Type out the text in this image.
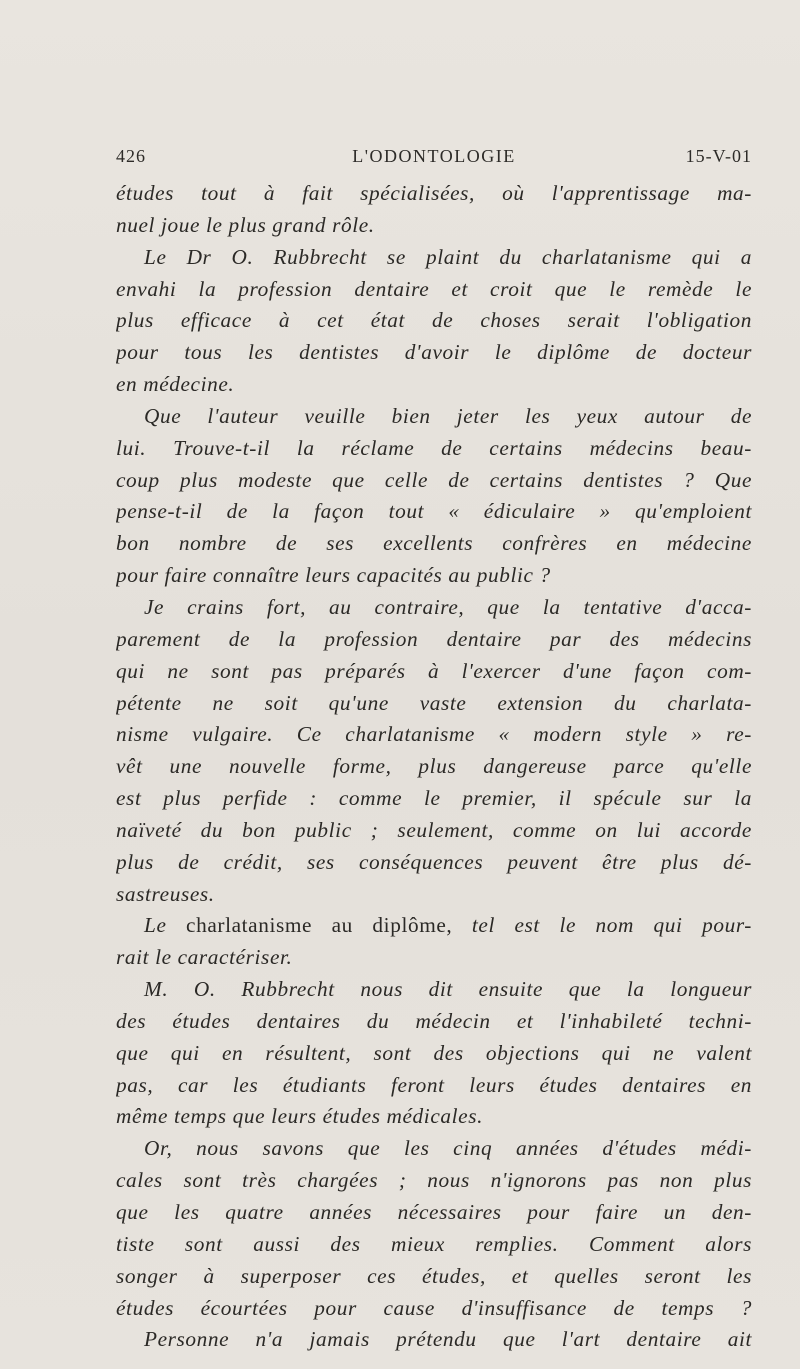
426	L'ODONTOLOGIE	15-V-01
études tout à fait spécialisées, où l'apprentissage ma-
nuel joue le plus grand rôle.
Le Dr O. Rubbrecht se plaint du charlatanisme qui a
envahi la profession dentaire et croit que le remède le
plus efficace à cet état de choses serait l'obligation
pour tous les dentistes d'avoir le diplôme de docteur
en médecine.
Que l'auteur veuille bien jeter les yeux autour de
lui. Trouve-t-il la réclame de certains médecins beau-
coup plus modeste que celle de certains dentistes ? Que
pense-t-il de la façon tout « édiculaire » qu'emploient
bon nombre de ses excellents confrères en médecine
pour faire connaître leurs capacités au public ?
Je crains fort, au contraire, que la tentative d'acca-
parement de la profession dentaire par des médecins
qui ne sont pas préparés à l'exercer d'une façon com-
pétente ne soit qu'une vaste extension du charlata-
nisme vulgaire. Ce charlatanisme « modern style » re-
vêt une nouvelle forme, plus dangereuse parce qu'elle
est plus perfide : comme le premier, il spécule sur la
naïveté du bon public ; seulement, comme on lui accorde
plus de crédit, ses conséquences peuvent être plus dé-
sastreuses.
Le charlatanisme au diplôme, tel est le nom qui pour-
rait le caractériser.
M. O. Rubbrecht nous dit ensuite que la longueur
des études dentaires du médecin et l'inhabileté techni-
que qui en résultent, sont des objections qui ne valent
pas, car les étudiants feront leurs études dentaires en
même temps que leurs études médicales.
Or, nous savons que les cinq années d'études médi-
cales sont très chargées ; nous n'ignorons pas non plus
que les quatre années nécessaires pour faire un den-
tiste sont aussi des mieux remplies. Comment alors
songer à superposer ces études, et quelles seront les
études écourtées pour cause d'insuffisance de temps ?
Personne n'a jamais prétendu que l'art dentaire ait
